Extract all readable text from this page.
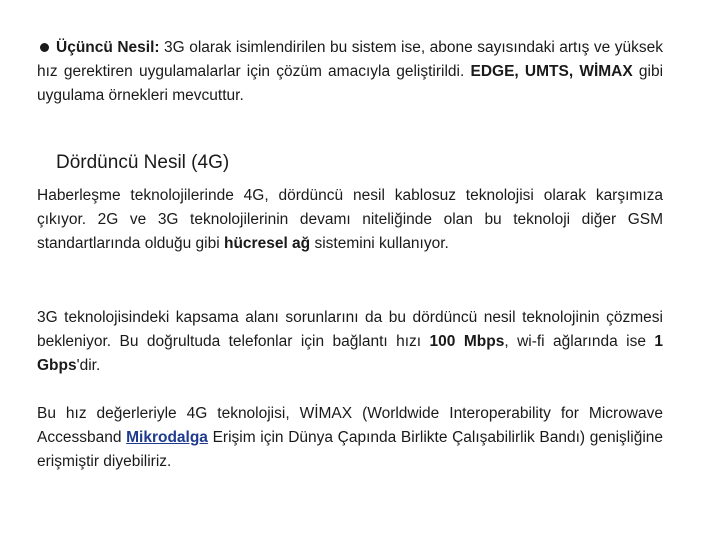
Üçüncü Nesil: 3G olarak isimlendirilen bu sistem ise, abone sayısındaki artış ve yüksek hız gerektiren uygulamalarlar için çözüm amacıyla geliştirildi. EDGE, UMTS, WİMAX gibi uygulama örnekleri mevcuttur.

Dördüncü Nesil (4G)

Haberleşme teknolojilerinde 4G, dördüncü nesil kablosuz teknolojisi olarak karşımıza çıkıyor. 2G ve 3G teknolojilerinin devamı niteliğinde olan bu teknoloji diğer GSM standartlarında olduğu gibi hücresel ağ sistemini kullanıyor.

3G teknolojisindeki kapsama alanı sorunlarını da bu dördüncü nesil teknolojinin çözmesi bekleniyor. Bu doğrultuda telefonlar için bağlantı hızı 100 Mbps, wi-fi ağlarında ise 1 Gbps'dir.

Bu hız değerleriyle 4G teknolojisi, WİMAX (Worldwide Interoperability for Microwave Accessband Mikrodalga Erişim için Dünya Çapında Birlikte Çalışabilirlik Bandı) genişliğine erişmiştir diyebiliriz.
